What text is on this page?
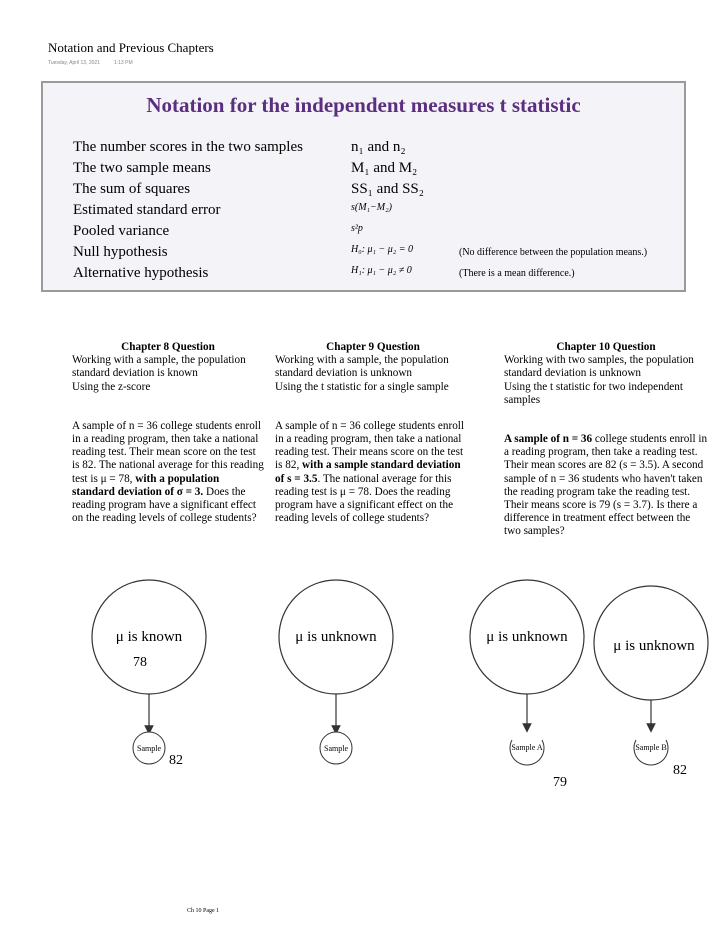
Notation and Previous Chapters
Tuesday, April 13, 2021	1:13 PM
Notation for the independent measures t statistic
The number scores in the two samples	n₁ and n₂
The two sample means	M₁ and M₂
The sum of squares	SS₁ and SS₂
Estimated standard error	s(M₁−M₂)
Pooled variance	s²p
Null hypothesis	H₀: μ₁ − μ₂ = 0	(No difference between the population means.)
Alternative hypothesis	H₁: μ₁ − μ₂ ≠ 0	(There is a mean difference.)
Chapter 8 Question
Working with a sample, the population standard deviation is known
Using the z-score
A sample of n = 36 college students enroll in a reading program, then take a national reading test. Their mean score on the test is 82. The national average for this reading test is μ = 78, with a population standard deviation of σ = 3. Does the reading program have a significant effect on the reading levels of college students?
Chapter 9 Question
Working with a sample, the population standard deviation is unknown
Using the t statistic for a single sample
A sample of n = 36 college students enroll in a reading program, then take a national reading test. Their means score on the test is 82, with a sample standard deviation of s = 3.5. The national average for this reading test is μ = 78. Does the reading program have a significant effect on the reading levels of college students?
Chapter 10 Question
Working with two samples, the population standard deviation is unknown
Using the t statistic for two independent samples
A sample of n = 36 college students enroll in a reading program, then take a reading test. Their mean scores are 82 (s = 3.5). A second sample of n = 36 students who haven't taken the reading program take the reading test. Their means score is 79 (s = 3.7). Is there a difference in treatment effect between the two samples?
μ is known
78
Sample
82
μ is unknown
Sample
μ is unknown
Sample A
79
μ is unknown
Sample B
82
Ch 10 Page 1
